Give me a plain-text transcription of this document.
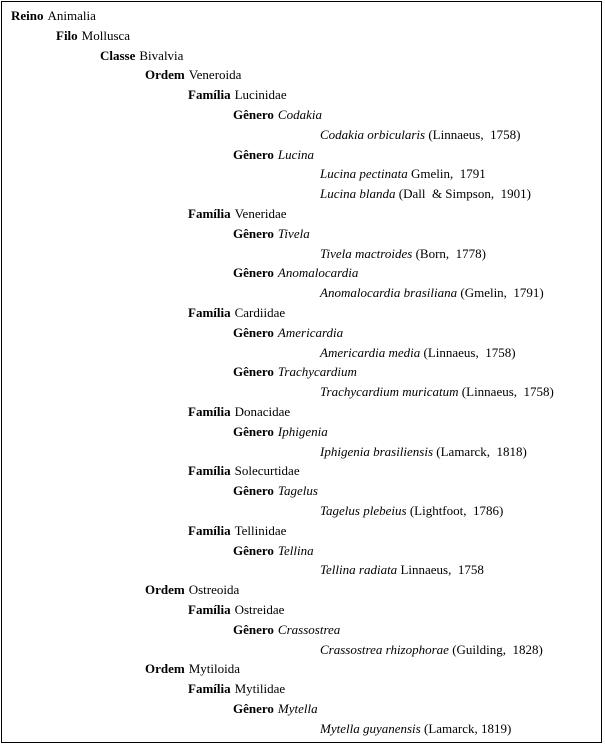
Reino Animalia
Filo Mollusca
Classe Bivalvia
Ordem Veneroida
Família Lucinidae
Gênero Codakia
Codakia orbicularis (Linnaeus,  1758)
Gênero Lucina
Lucina pectinata Gmelin,  1791
Lucina blanda (Dall  & Simpson,  1901)
Família Veneridae
Gênero Tivela
Tivela mactroides (Born,  1778)
Gênero Anomalocardia
Anomalocardia brasiliana (Gmelin,  1791)
Família Cardiidae
Gênero Americardia
Americardia media (Linnaeus,  1758)
Gênero Trachycardium
Trachycardium muricatum (Linnaeus,  1758)
Família Donacidae
Gênero Iphigenia
Iphigenia brasiliensis (Lamarck,  1818)
Família Solecurtidae
Gênero Tagelus
Tagelus plebeius (Lightfoot,  1786)
Família Tellinidae
Gênero Tellina
Tellina radiata Linnaeus,  1758
Ordem Ostreoida
Família Ostreidae
Gênero Crassostrea
Crassostrea rhizophorae (Guilding,  1828)
Ordem Mytiloida
Família Mytilidae
Gênero Mytella
Mytella guyanensis (Lamarck, 1819)
